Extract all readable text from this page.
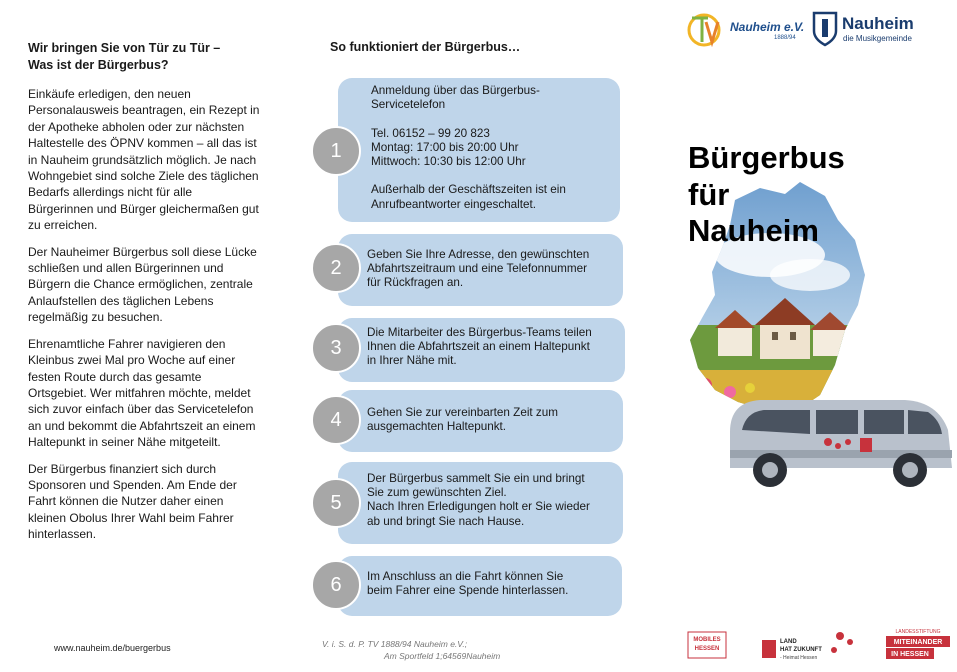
Wir bringen Sie von Tür zu Tür –
Was ist der Bürgerbus?
Einkäufe erledigen, den neuen
Personalausweis beantragen, ein Rezept in
der Apotheke abholen oder zur nächsten
Haltestelle des ÖPNV kommen – all das ist
in Nauheim grundsätzlich möglich. Je nach
Wohngebiet sind solche Ziele des täglichen
Bedarfs allerdings nicht für alle
Bürgerinnen und Bürger gleichermaßen gut
zu erreichen.
Der Nauheimer Bürgerbus soll diese Lücke
schließen und allen Bürgerinnen und
Bürgern die Chance ermöglichen, zentrale
Anlaufstellen des täglichen Lebens
regelmäßig zu besuchen.
Ehrenamtliche Fahrer navigieren den
Kleinbus zwei Mal pro Woche auf einer
festen Route durch das gesamte
Ortsgebiet. Wer mitfahren möchte, meldet
sich zuvor einfach über das Servicetelefon
an und bekommt die Abfahrtszeit an einem
Haltepunkt in seiner Nähe mitgeteilt.
Der Bürgerbus finanziert sich durch
Sponsoren und Spenden. Am Ende der
Fahrt können die Nutzer daher einen
kleinen Obolus Ihrer Wahl beim Fahrer
hinterlassen.
www.nauheim.de/buergerbus	V. i. S. d. P. TV 1888/94 Nauheim e.V.;
Am Sportfeld 1;64569Nauheim
So funktioniert der Bürgerbus…
Anmeldung über das Bürgerbus-
Servicetelefon
Tel. 06152 – 99 20 823
Montag: 17:00 bis 20:00 Uhr
Mittwoch: 10:30 bis 12:00 Uhr
Außerhalb der Geschäftszeiten ist ein
Anrufbeantworter eingeschaltet.
1
Geben Sie Ihre Adresse, den gewünschten
Abfahrtszeitraum und eine Telefonnummer
für Rückfragen an.
2
Die Mitarbeiter des Bürgerbus-Teams teilen
Ihnen die Abfahrtszeit an einem Haltepunkt
in Ihrer Nähe mit.
3
Gehen Sie zur vereinbarten Zeit zum
ausgemachten Haltepunkt.
4
Der Bürgerbus sammelt Sie ein und bringt
Sie zum gewünschten Ziel.
Nach Ihren Erledigungen holt er Sie wieder
ab und bringt Sie nach Hause.
5
Im Anschluss an die Fahrt können Sie
beim Fahrer eine Spende hinterlassen.
6
Nauheim e.V.
1888/94
Nauheim
die Musikgemeinde
Bürgerbus
für
Nauheim
MOBILES
HESSEN
LAND
HAT ZUKUNFT
- Heimat Hessen
LANDESSTIFTUNG
MITEINANDER
IN HESSEN
